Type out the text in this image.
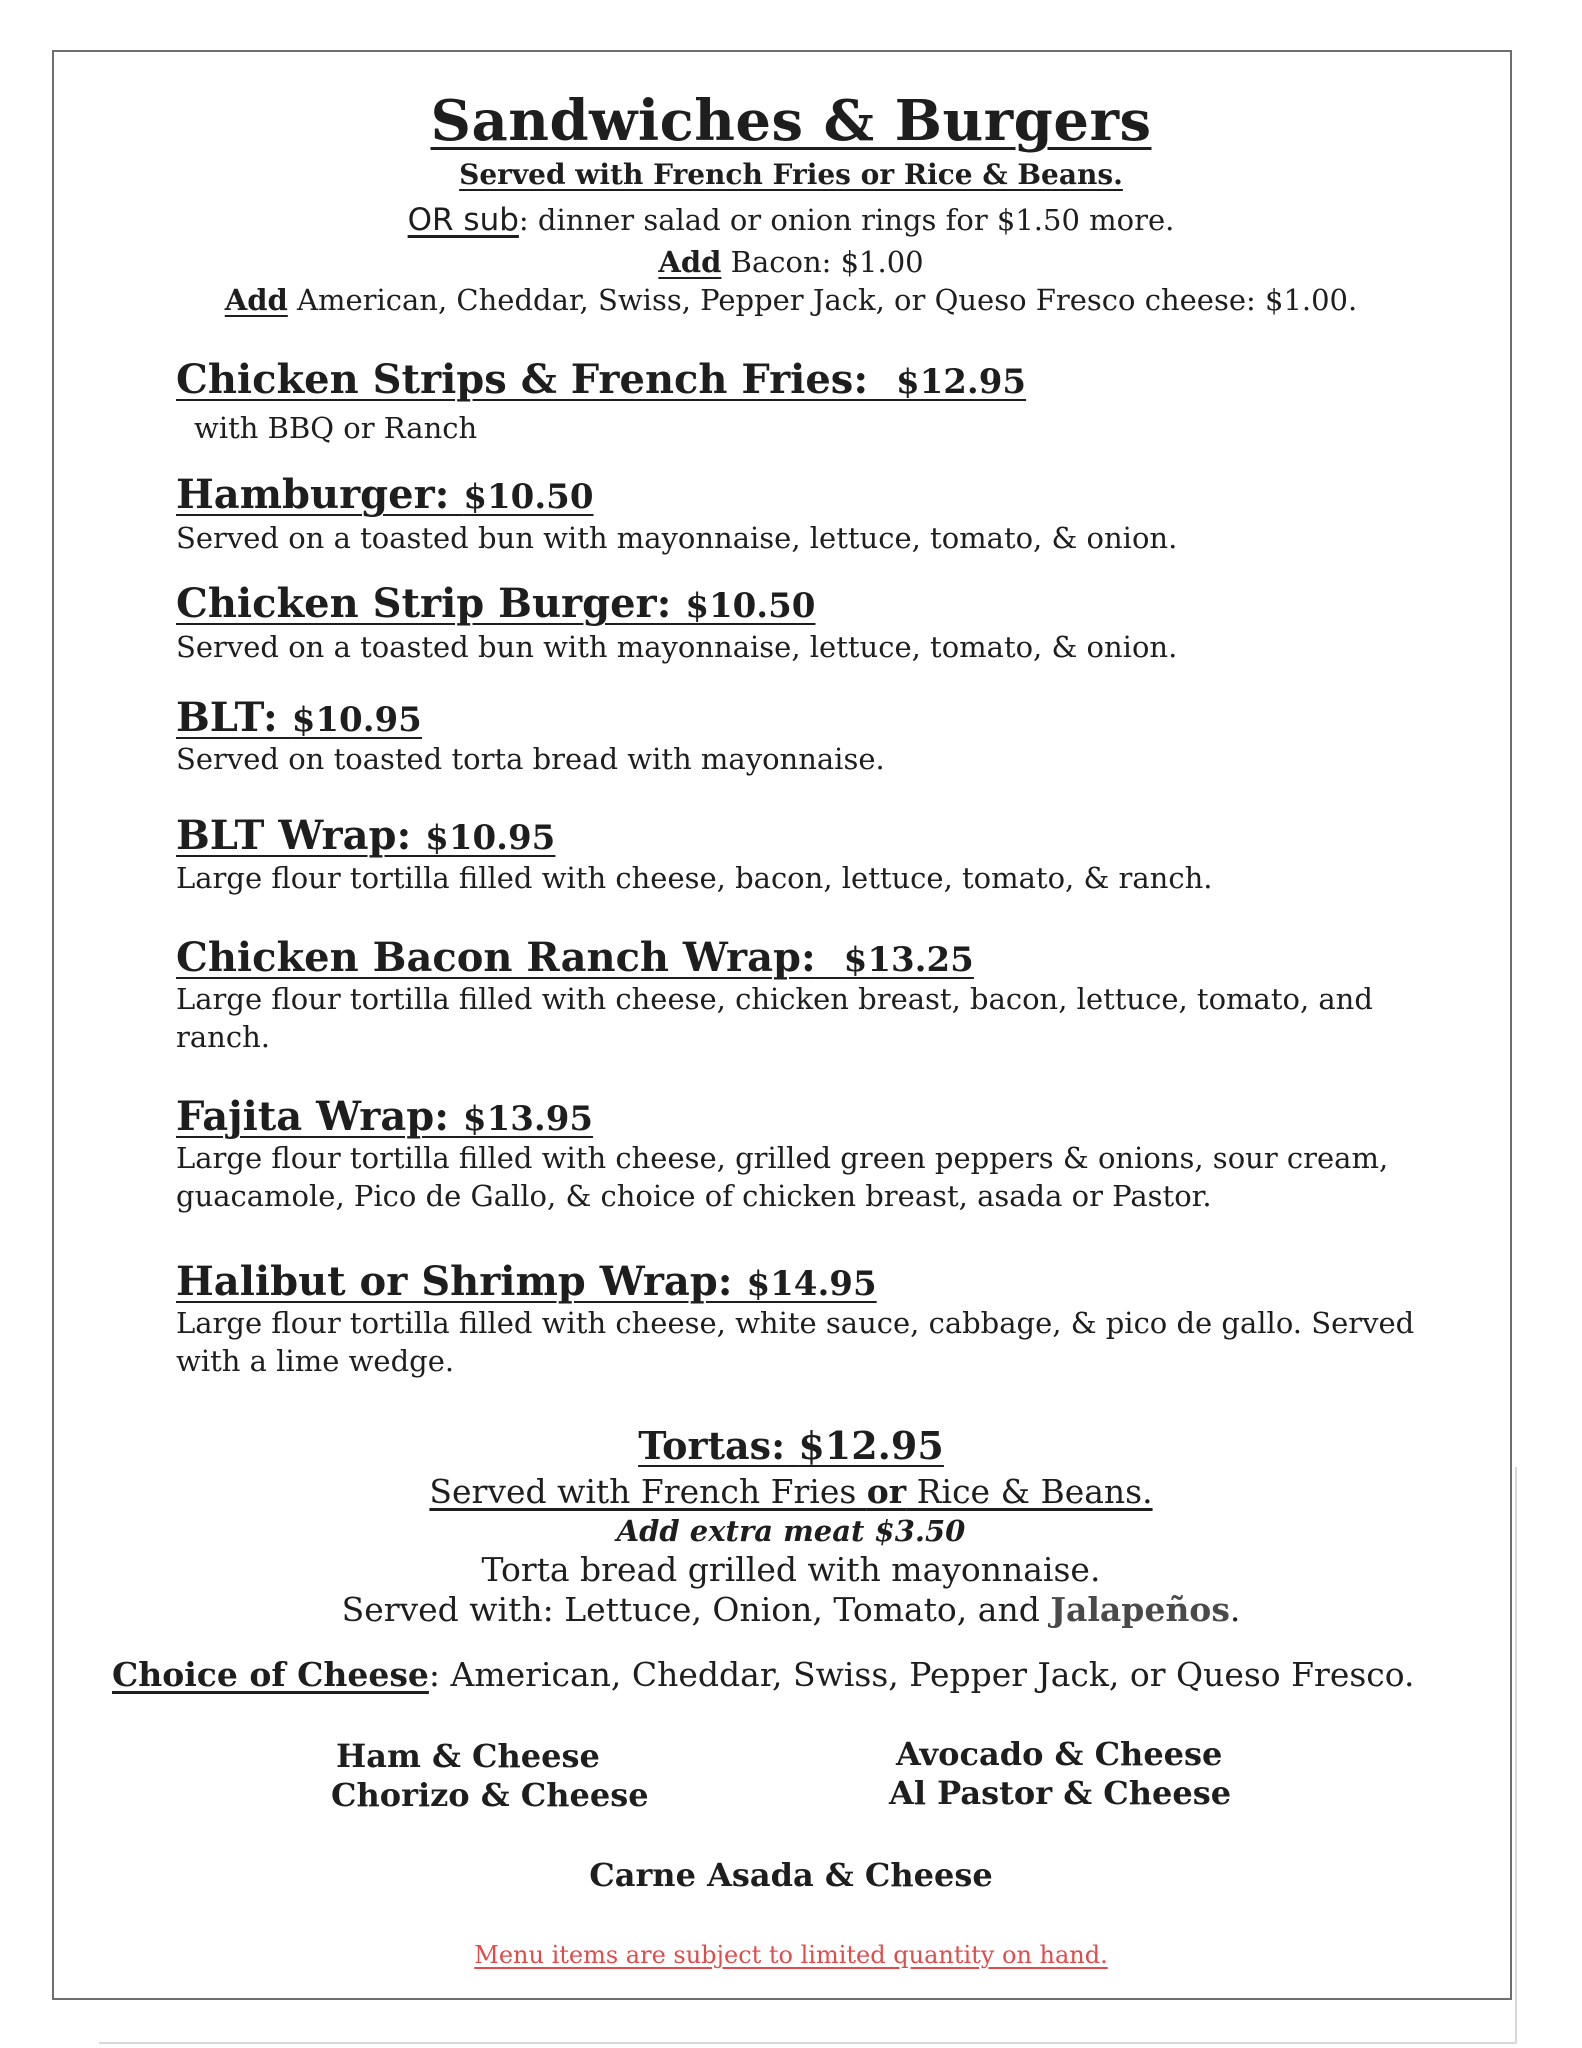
Sandwiches & Burgers
Served with French Fries or Rice & Beans.
OR sub: dinner salad or onion rings for $1.50 more.
Add Bacon: $1.00
Add American, Cheddar, Swiss, Pepper Jack, or Queso Fresco cheese: $1.00.
Chicken Strips & French Fries: $12.95
with BBQ or Ranch
Hamburger: $10.50
Served on a toasted bun with mayonnaise, lettuce, tomato, & onion.
Chicken Strip Burger: $10.50
Served on a toasted bun with mayonnaise, lettuce, tomato, & onion.
BLT: $10.95
Served on toasted torta bread with mayonnaise.
BLT Wrap: $10.95
Large flour tortilla filled with cheese, bacon, lettuce, tomato, & ranch.
Chicken Bacon Ranch Wrap: $13.25
Large flour tortilla filled with cheese, chicken breast, bacon, lettuce, tomato, and ranch.
Fajita Wrap: $13.95
Large flour tortilla filled with cheese, grilled green peppers & onions, sour cream, guacamole, Pico de Gallo, & choice of chicken breast, asada or Pastor.
Halibut or Shrimp Wrap: $14.95
Large flour tortilla filled with cheese, white sauce, cabbage, & pico de gallo. Served with a lime wedge.
Tortas: $12.95
Served with French Fries or Rice & Beans.
Add extra meat $3.50
Torta bread grilled with mayonnaise.
Served with: Lettuce, Onion, Tomato, and Jalapeños.
Choice of Cheese: American, Cheddar, Swiss, Pepper Jack, or Queso Fresco.
Ham & Cheese
Chorizo & Cheese
Avocado & Cheese
Al Pastor & Cheese
Carne Asada & Cheese
Menu items are subject to limited quantity on hand.
